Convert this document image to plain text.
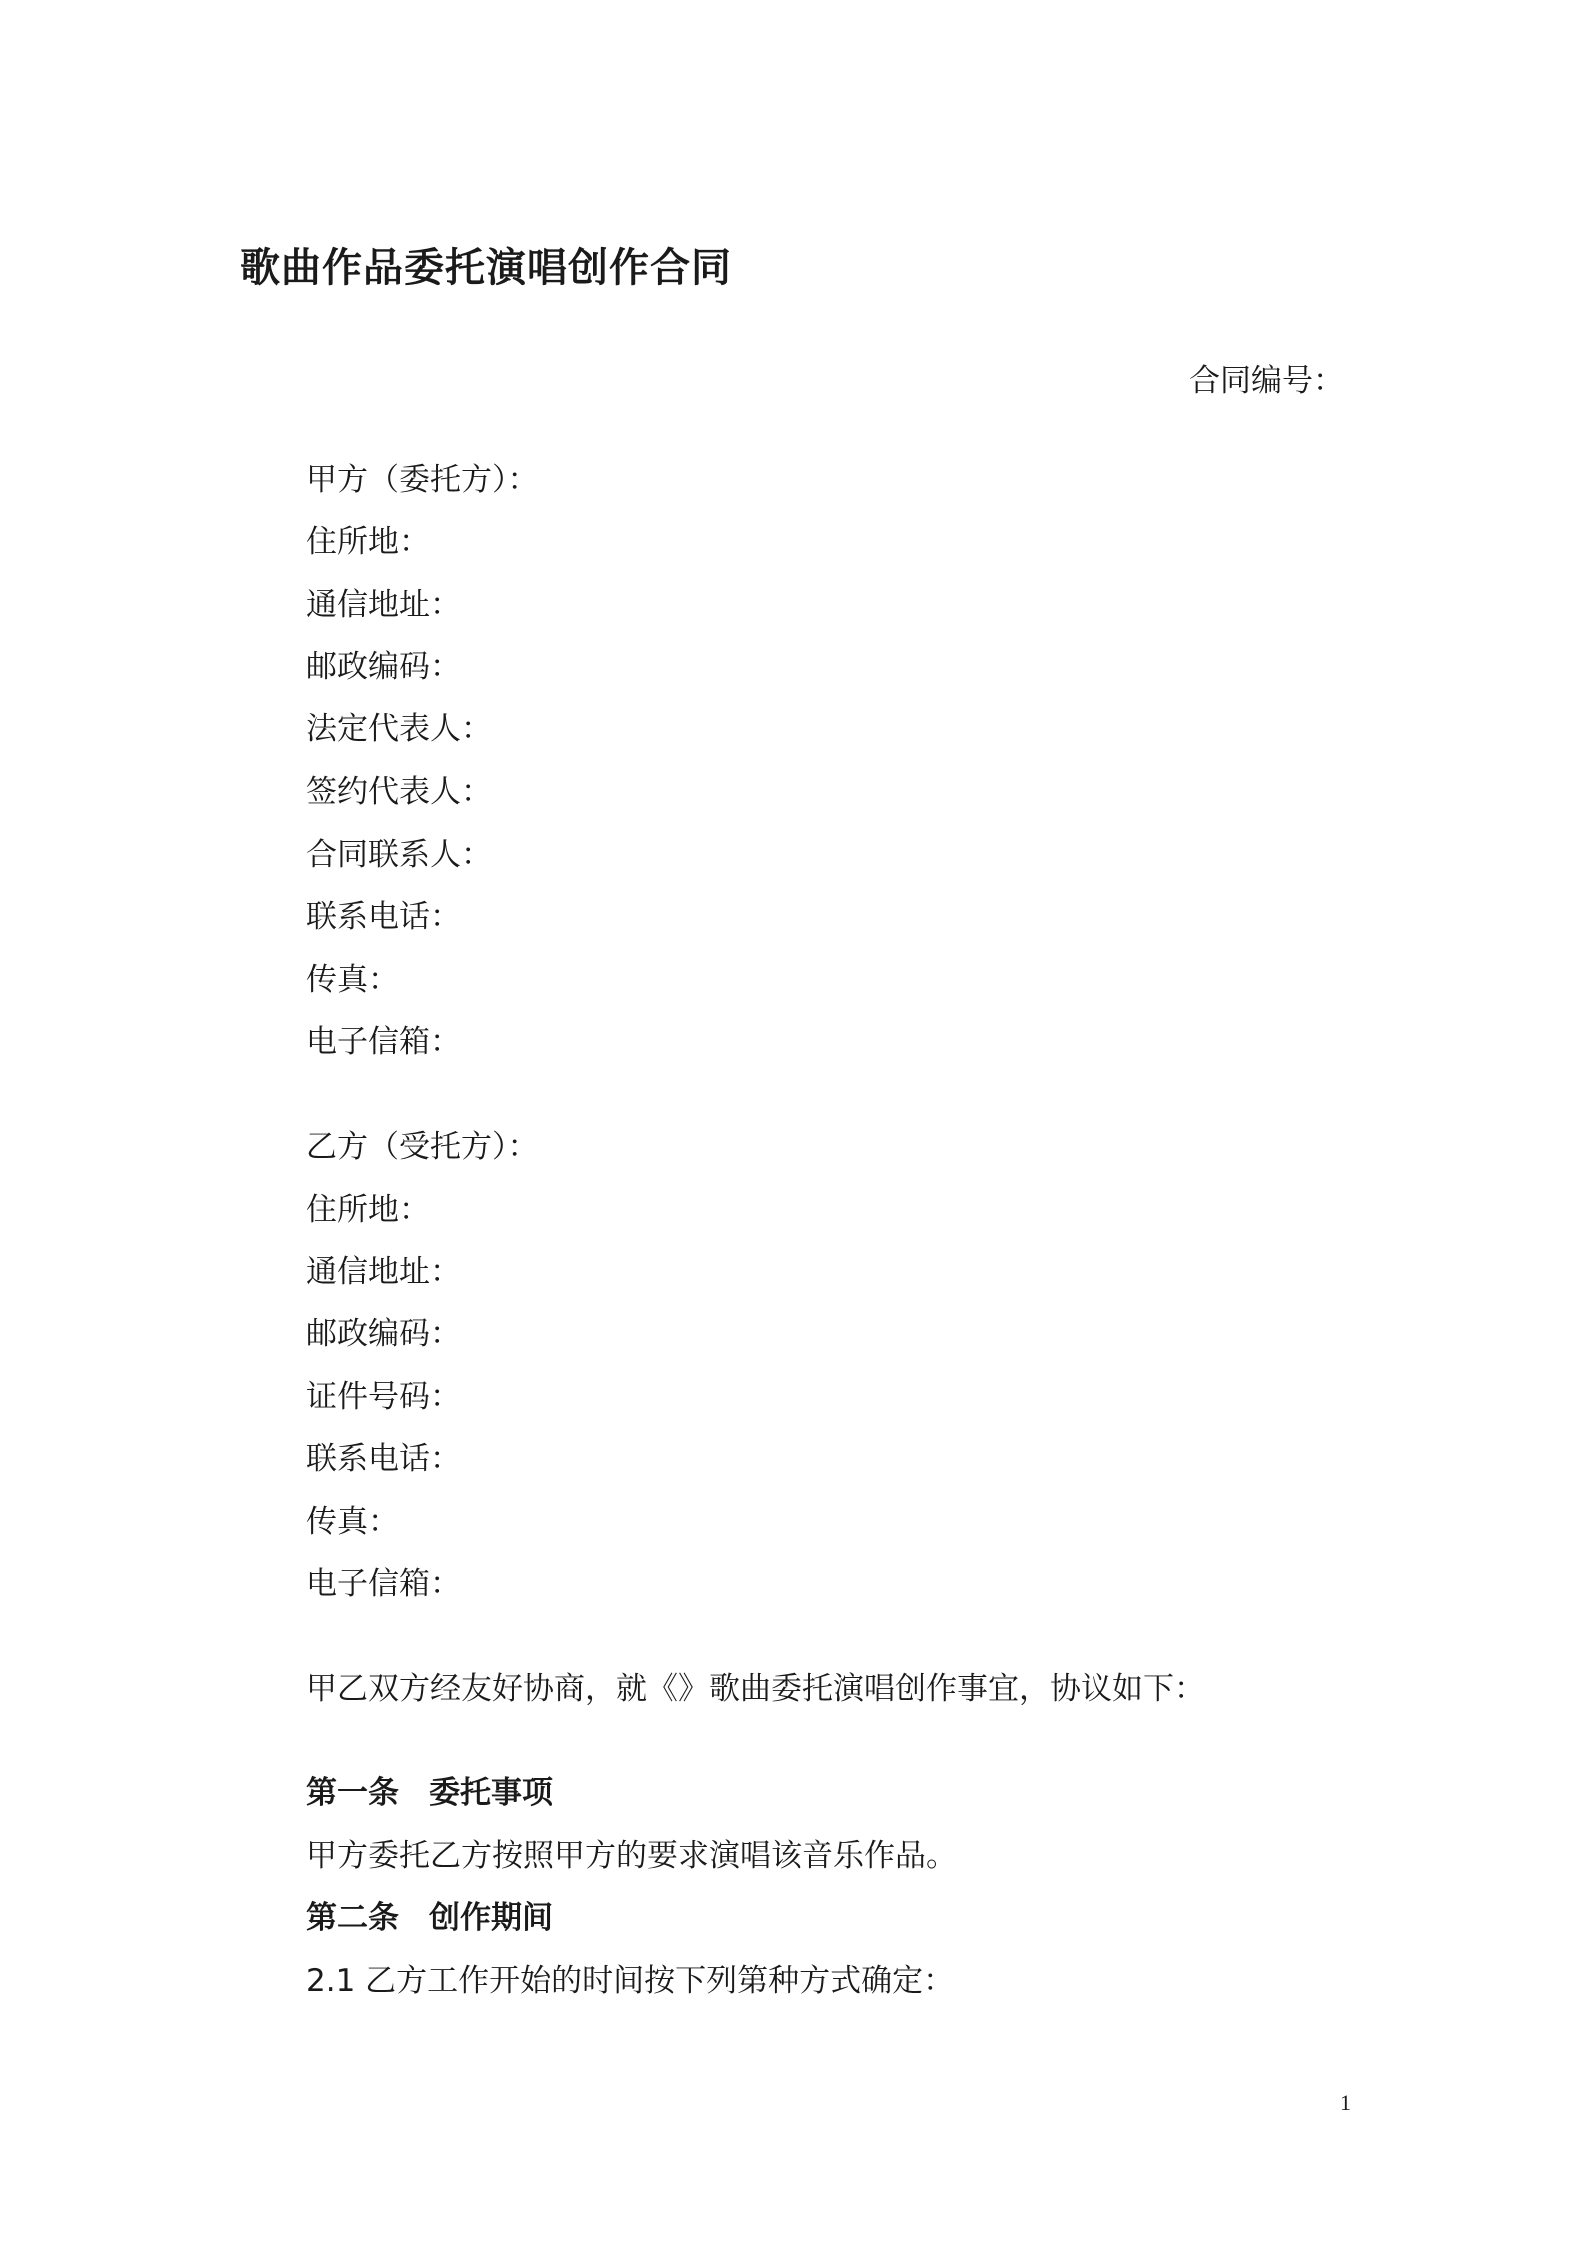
歌曲作品委托演唱创作合同
合同编号：
甲方（委托方）：
住所地：
通信地址：
邮政编码：
法定代表人：
签约代表人：
合同联系人：
联系电话：
传真：
电子信箱：
乙方（受托方）：
住所地：
通信地址：
邮政编码：
证件号码：
联系电话：
传真：
电子信箱：
甲乙双方经友好协商，就《》歌曲委托演唱创作事宜，协议如下：
第一条 委托事项
甲方委托乙方按照甲方的要求演唱该音乐作品。
第二条 创作期间
2.1 乙方工作开始的时间按下列第种方式确定：
1
